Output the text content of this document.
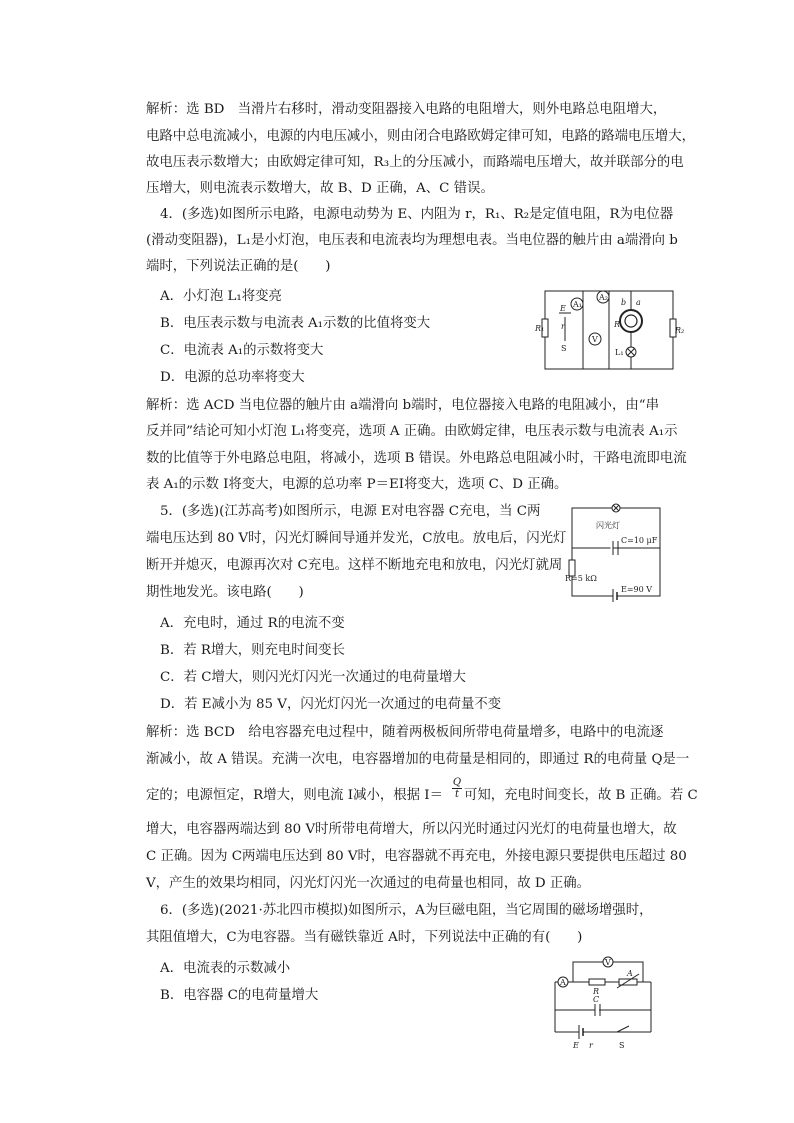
解析：选 BD　当滑片右移时，滑动变阻器接入电路的电阻增大，则外电路总电阻增大，
电路中总电流减小，电源的内电压减小，则由闭合电路欧姆定律可知，电路的路端电压增大，
故电压表示数增大；由欧姆定律可知，R₃上的分压减小，而路端电压增大，故并联部分的电
压增大，则电流表示数增大，故 B、D 正确，A、C 错误。
4．(多选)如图所示电路，电源电动势为 E、内阻为 r，R₁、R₂是定值电阻，R为电位器
(滑动变阻器)，L₁是小灯泡，电压表和电流表均为理想电表。当电位器的触片由 a端滑向 b
端时，下列说法正确的是(　　)
A．小灯泡 L₁将变亮
B．电压表示数与电流表 A₁示数的比值将变大
C．电流表 A₁的示数将变大
D．电源的总功率将变大
A₁
A₂
E
r
V
S
R₁	R
b a
R₂
L₁
解析：选 ACD 当电位器的触片由 a端滑向 b端时，电位器接入电路的电阻减小，由“串
反并同”结论可知小灯泡 L₁将变亮，选项 A 正确。由欧姆定律，电压表示数与电流表 A₁示
数的比值等于外电路总电阻，将减小，选项 B 错误。外电路总电阻减小时，干路电流即电流
表 A₁的示数 I将变大，电源的总功率 P＝EI将变大，选项 C、D 正确。
5．(多选)(江苏高考)如图所示，电源 E对电容器 C充电，当 C两
端电压达到 80 V时，闪光灯瞬间导通并发光，C放电。放电后，闪光灯
断开并熄灭，电源再次对 C充电。这样不断地充电和放电，闪光灯就周
期性地发光。该电路(　　)
A．充电时，通过 R的电流不变
B．若 R增大，则充电时间变长
C．若 C增大，则闪光灯闪光一次通过的电荷量增大
D．若 E减小为 85 V，闪光灯闪光一次通过的电荷量不变
闪光灯
C=10 μF
R=5 kΩ
E=90 V
解析：选 BCD　给电容器充电过程中，随着两极板间所带电荷量增多，电路中的电流逐
渐减小，故 A 错误。充满一次电，电容器增加的电荷量是相同的，即通过 R的电荷量 Q是一
定的；电源恒定，R增大，则电流 I减小，根据 $I= \frac{Q}{t}$ 可知，充电时间变长，故 B 正确。若 C
增大，电容器两端达到 80 V时所带电荷增大，所以闪光时通过闪光灯的电荷量也增大，故
C 正确。因为 C两端电压达到 80 V时，电容器就不再充电，外接电源只要提供电压超过 80
V，产生的效果均相同，闪光灯闪光一次通过的电荷量也相同，故 D 正确。
6．(多选)(2021·苏北四市模拟)如图所示，A为巨磁电阻，当它周围的磁场增强时，
其阻值增大，C为电容器。当有磁铁靠近 A时，下列说法中正确的有(　　)
A．电流表的示数减小
B．电容器 C的电荷量增大
V
A
A
R
C
E r	S
